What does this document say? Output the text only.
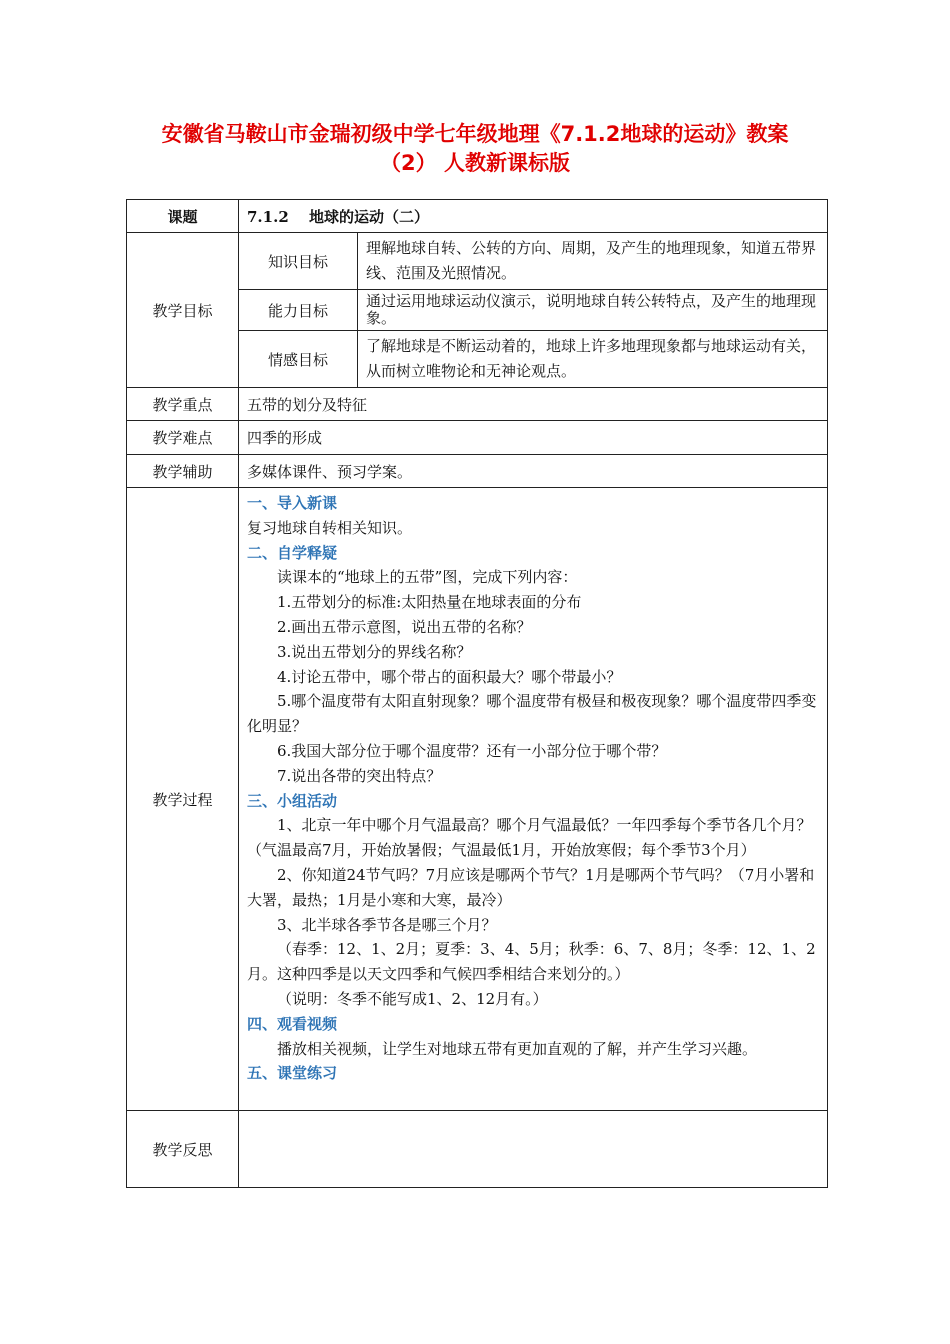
安徽省马鞍山市金瑞初级中学七年级地理《7.1.2地球的运动》教案
（2） 人教新课标版
课题	7.1.2　 地球的运动（二）
教学目标	
知识目标	理解地球自转、公转的方向、周期，及产生的地理现象，知道五带界线、范围及光照情况。
能力目标	通过运用地球运动仪演示，说明地球自转公转特点，及产生的地理现象。
情感目标	了解地球是不断运动着的，地球上许多地理现象都与地球运动有关，从而树立唯物论和无神论观点。

教学重点	五带的划分及特征
教学难点	四季的形成
教学辅助	多媒体课件、预习学案。
教学过程	
一、导入新课
复习地球自转相关知识。
二、自学释疑
读课本的“地球上的五带”图，完成下列内容：
1.五带划分的标准:太阳热量在地球表面的分布
2.画出五带示意图，说出五带的名称？
3.说出五带划分的界线名称？
4.讨论五带中，哪个带占的面积最大？哪个带最小？
5.哪个温度带有太阳直射现象？哪个温度带有极昼和极夜现象？哪个温度带四季变化明显？
6.我国大部分位于哪个温度带？还有一小部分位于哪个带？
7.说出各带的突出特点？
三、小组活动
1、北京一年中哪个月气温最高？哪个月气温最低？一年四季每个季节各几个月？（气温最高7月，开始放暑假；气温最低1月，开始放寒假；每个季节3个月）
2、你知道24节气吗？7月应该是哪两个节气？1月是哪两个节气吗？（7月小署和大署，最热；1月是小寒和大寒，最冷）
3、北半球各季节各是哪三个月？
（春季：12、1、2月；夏季：3、4、5月；秋季：6、7、8月；冬季：12、1、2月。这种四季是以天文四季和气候四季相结合来划分的。）
（说明：冬季不能写成1、2、12月有。）
四、观看视频
播放相关视频，让学生对地球五带有更加直观的了解，并产生学习兴趣。
五、课堂练习

教学反思	
